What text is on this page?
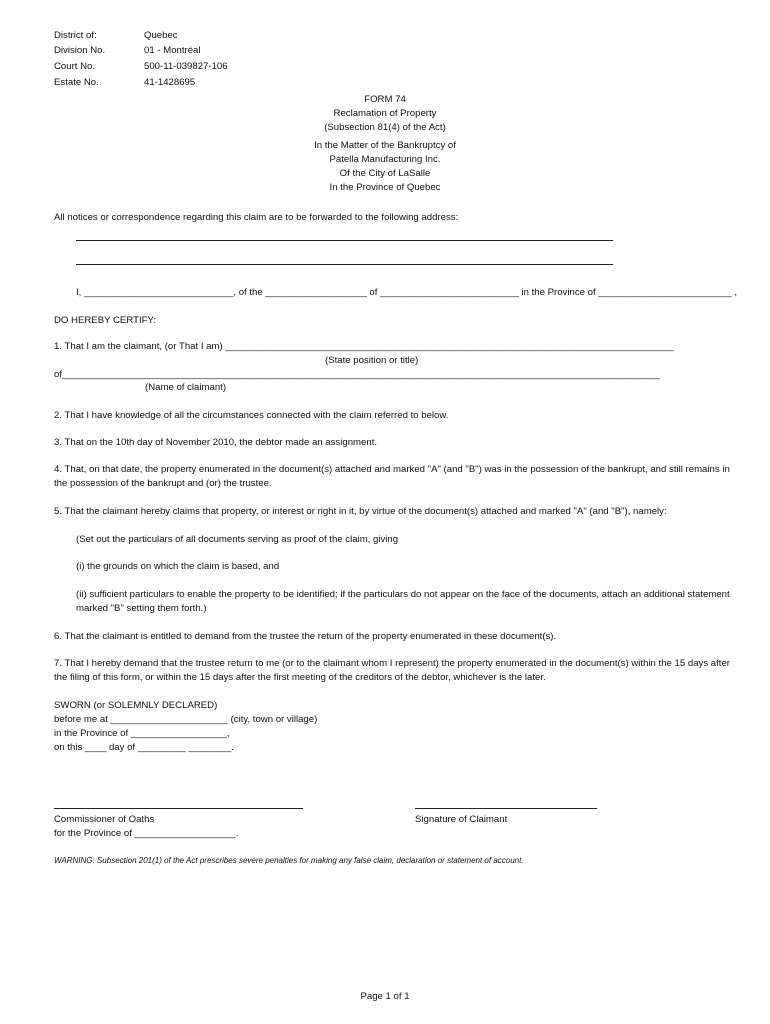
District of:	Quebec
Division No.	01 - Montréal
Court No.	500-11-039827-106
Estate No.	41-1428695
FORM 74
Reclamation of Property
(Subsection 81(4) of the Act)
In the Matter of the Bankruptcy of
Patella Manufacturing Inc.
Of the City of LaSalle
In the Province of Quebec
All notices or correspondence regarding this claim are to be forwarded to the following address:
I, ____________________________, of the ___________________ of __________________________ in the Province of _________________________ ,
DO HEREBY CERTIFY:
1. That I am the claimant, (or That I am) ____________________________________________________________________________________
(State position or title)
of________________________________________________________________________________________________________________
(Name of claimant)
2. That I have knowledge of all the circumstances connected with the claim referred to below.
3. That on the 10th day of November 2010, the debtor made an assignment.
4. That, on that date, the property enumerated in the document(s) attached and marked "A" (and "B") was in the possession of the bankrupt, and still remains in
the possession of the bankrupt and (or) the trustee.
5. That the claimant hereby claims that property, or interest or right in it, by virtue of the document(s) attached and marked "A" (and "B"), namely:
(Set out the particulars of all documents serving as proof of the claim, giving
(i) the grounds on which the claim is based, and
(ii) sufficient particulars to enable the property to be identified; if the particulars do not appear on the face of the documents, attach an additional statement
marked "B" setting them forth.)
6. That the claimant is entitled to demand from the trustee the return of the property enumerated in these document(s).
7. That I hereby demand that the trustee return to me (or to the claimant whom I represent) the property enumerated in the document(s) within the 15 days after
the filing of this form, or within the 15 days after the first meeting of the creditors of the debtor, whichever is the later.
SWORN (or SOLEMNLY DECLARED)
before me at ______________________ (city, town or village)
in the Province of __________________,
on this ____ day of _________ ________.
Commissioner of Oaths
for the Province of ___________________.
Signature of Claimant
WARNING: Subsection 201(1) of the Act prescribes severe penalties for making any false claim, declaration or statement of account.
Page 1 of 1
